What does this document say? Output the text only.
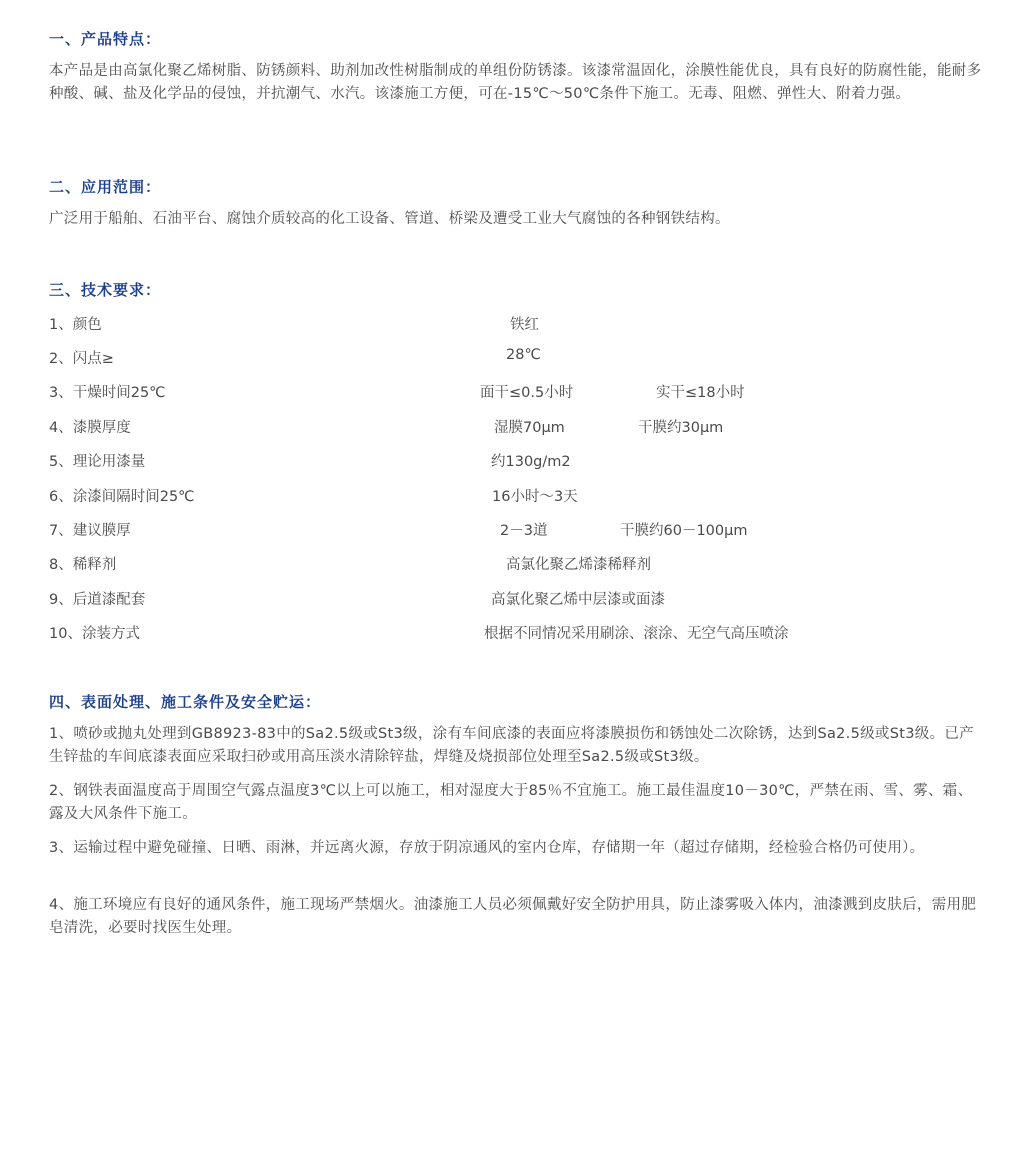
一、产品特点：
本产品是由高氯化聚乙烯树脂、防锈颜料、助剂加改性树脂制成的单组份防锈漆。该漆常温固化，涂膜性能优良，具有良好的防腐性能，能耐多种酸、碱、盐及化学品的侵蚀，并抗潮气、水汽。该漆施工方便，可在-15℃～50℃条件下施工。无毒、阻燃、弹性大、附着力强。
二、应用范围：
广泛用于船舶、石油平台、腐蚀介质较高的化工设备、管道、桥梁及遭受工业大气腐蚀的各种钢铁结构。
三、技术要求：
1、颜色	铁红
2、闪点≥	28℃
3、干燥时间25℃	面干≤0.5小时	实干≤18小时
4、漆膜厚度	湿膜70μm	干膜约30μm
5、理论用漆量	约130g/m2
6、涂漆间隔时间25℃	16小时～3天
7、建议膜厚	2－3道	干膜约60－100μm
8、稀释剂	高氯化聚乙烯漆稀释剂
9、后道漆配套	高氯化聚乙烯中层漆或面漆
10、涂装方式	根据不同情况采用刷涂、滚涂、无空气高压喷涂
四、表面处理、施工条件及安全贮运：
1、喷砂或抛丸处理到GB8923-83中的Sa2.5级或St3级，涂有车间底漆的表面应将漆膜损伤和锈蚀处二次除锈，达到Sa2.5级或St3级。已产生锌盐的车间底漆表面应采取扫砂或用高压淡水清除锌盐，焊缝及烧损部位处理至Sa2.5级或St3级。
2、钢铁表面温度高于周围空气露点温度3℃以上可以施工，相对湿度大于85％不宜施工。施工最佳温度10－30℃，严禁在雨、雪、雾、霜、露及大风条件下施工。
3、运输过程中避免碰撞、日晒、雨淋，并远离火源，存放于阴凉通风的室内仓库，存储期一年（超过存储期，经检验合格仍可使用）。
4、施工环境应有良好的通风条件，施工现场严禁烟火。油漆施工人员必须佩戴好安全防护用具，防止漆雾吸入体内，油漆溅到皮肤后，需用肥皂清洗，必要时找医生处理。
